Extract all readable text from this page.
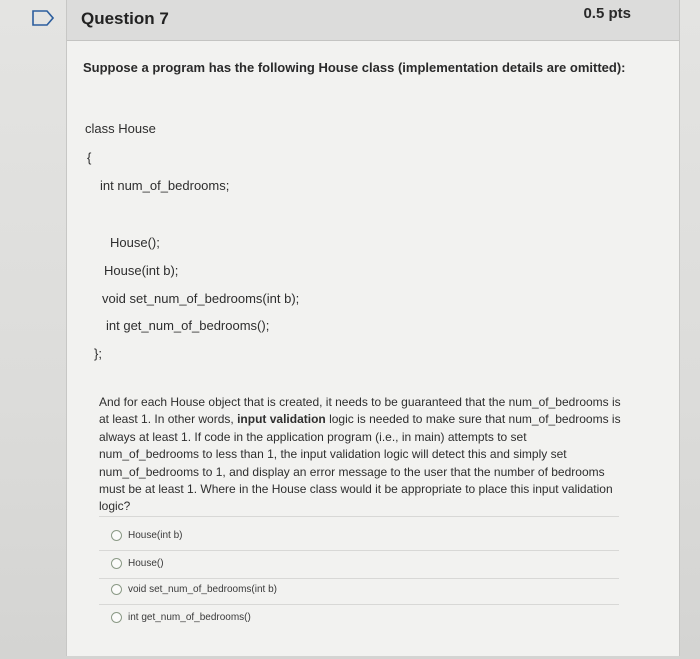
Question 7	0.5 pts
Suppose a program has the following House class (implementation details are omitted):
class House
{
int num_of_bedrooms;
House();
House(int b);
void set_num_of_bedrooms(int b);
int get_num_of_bedrooms();
};
And for each House object that is created, it needs to be guaranteed that the num_of_bedrooms is at least 1. In other words, input validation logic is needed to make sure that num_of_bedrooms is always at least 1. If code in the application program (i.e., in main) attempts to set num_of_bedrooms to less than 1, the input validation logic will detect this and simply set num_of_bedrooms to 1, and display an error message to the user that the number of bedrooms must be at least 1. Where in the House class would it be appropriate to place this input validation logic?
House(int b)
House()
void set_num_of_bedrooms(int b)
int get_num_of_bedrooms()
